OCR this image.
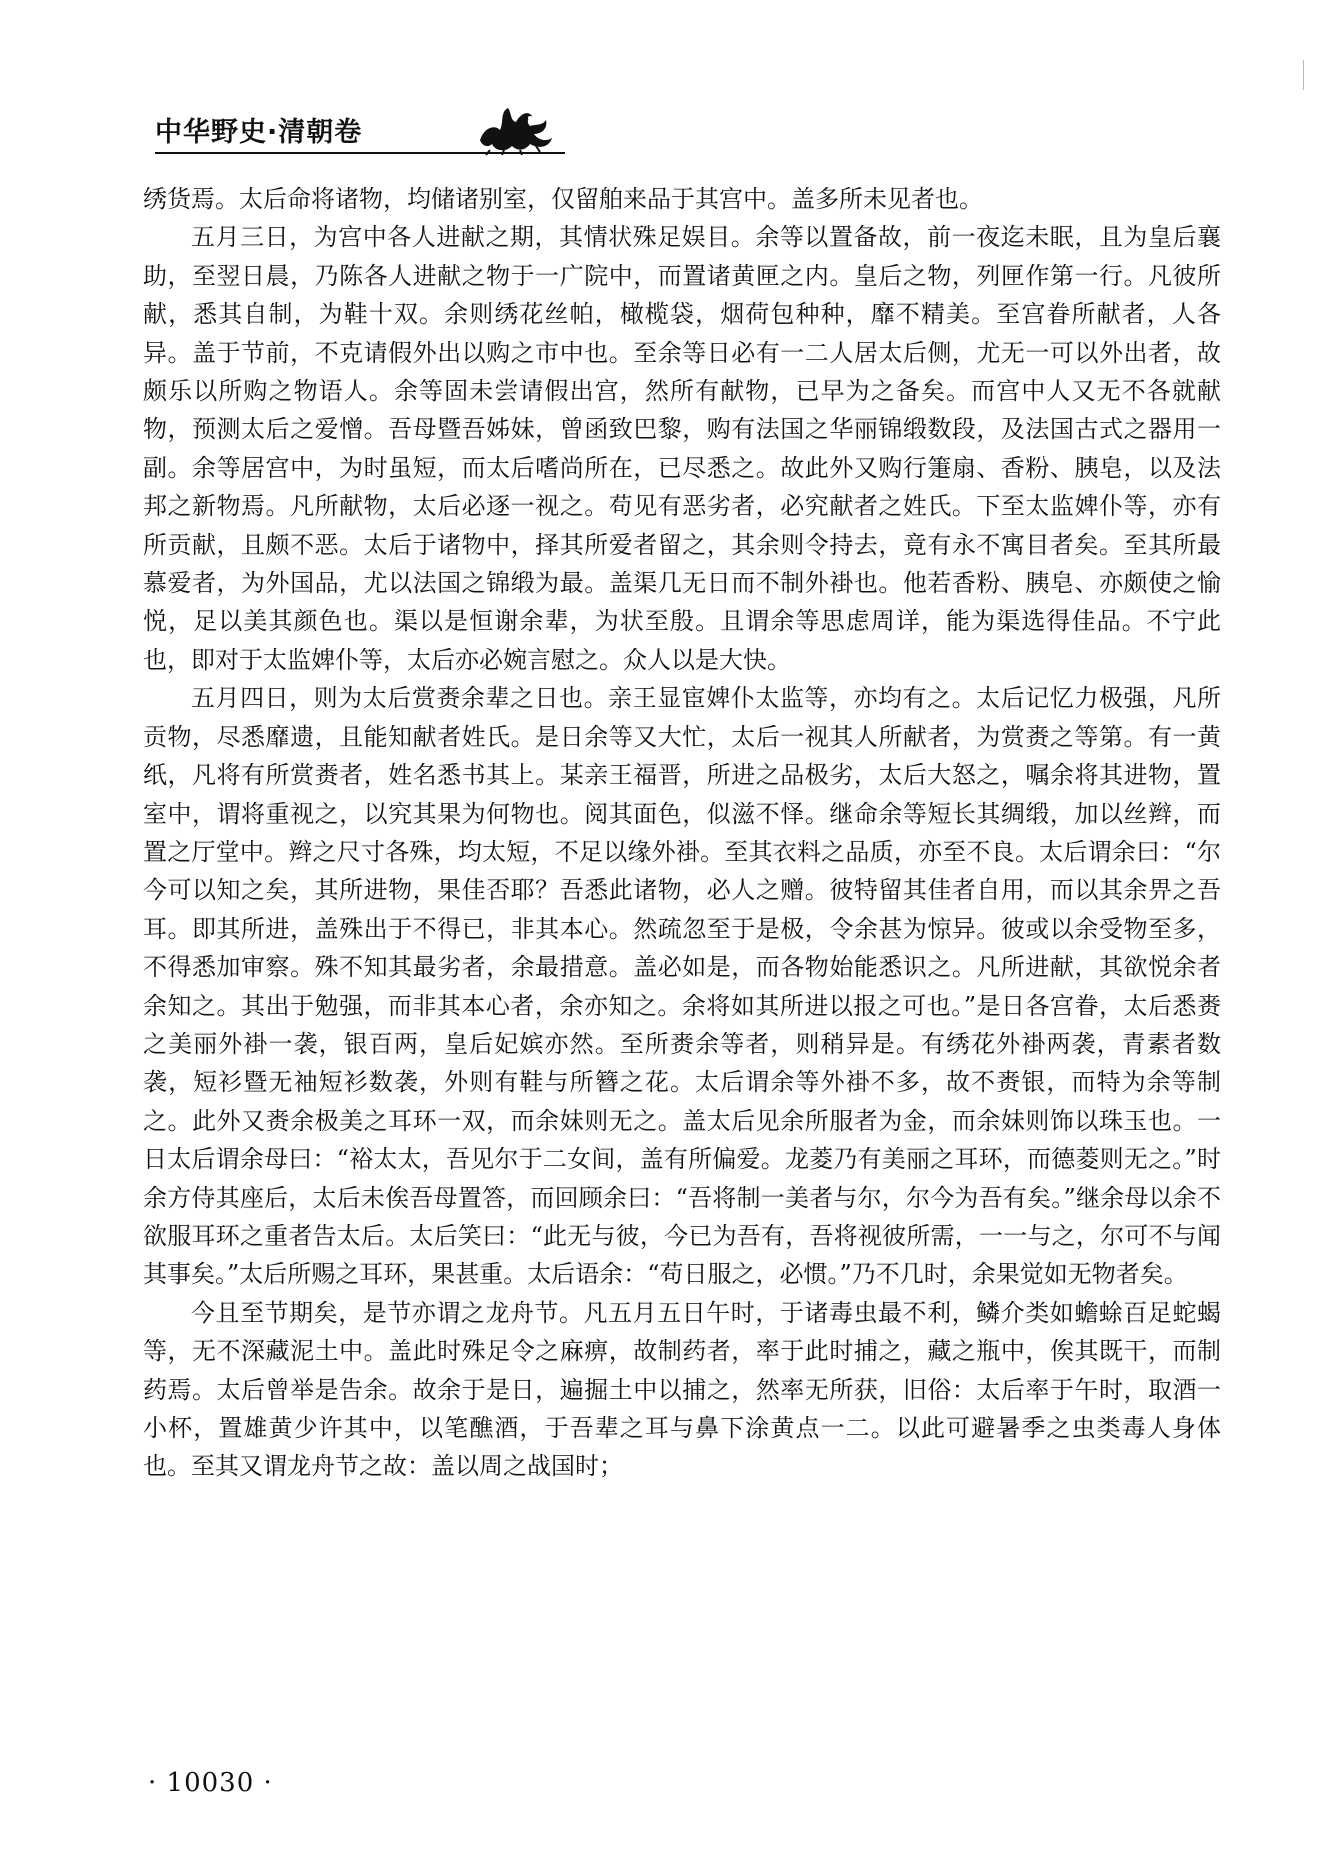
中华野史·清朝卷

绣货焉。太后命将诸物，均储诸别室，仅留舶来品于其宫中。盖多所未见者也。

五月三日，为宫中各人进献之期，其情状殊足娱目。余等以置备故，前一夜迄未眠，且为皇后襄助，至翌日晨，乃陈各人进献之物于一广院中，而置诸黄匣之内。皇后之物，列匣作第一行。凡彼所献，悉其自制，为鞋十双。余则绣花丝帕，橄榄袋，烟荷包种种，靡不精美。至宫眷所献者，人各异。盖于节前，不克请假外出以购之市中也。至余等日必有一二人居太后侧，尤无一可以外出者，故颇乐以所购之物语人。余等固未尝请假出宫，然所有献物，已早为之备矣。而宫中人又无不各就献物，预测太后之爱憎。吾母暨吾姊妹，曾函致巴黎，购有法国之华丽锦缎数段，及法国古式之器用一副。余等居宫中，为时虽短，而太后嗜尚所在，已尽悉之。故此外又购行箑扇、香粉、胰皂，以及法邦之新物焉。凡所献物，太后必逐一视之。苟见有恶劣者，必究献者之姓氏。下至太监婢仆等，亦有所贡献，且颇不恶。太后于诸物中，择其所爱者留之，其余则令持去，竟有永不寓目者矣。至其所最慕爱者，为外国品，尤以法国之锦缎为最。盖渠几无日而不制外褂也。他若香粉、胰皂、亦颇使之愉悦，足以美其颜色也。渠以是恒谢余辈，为状至殷。且谓余等思虑周详，能为渠选得佳品。不宁此也，即对于太监婢仆等，太后亦必婉言慰之。众人以是大快。

五月四日，则为太后赏赉余辈之日也。亲王显宦婢仆太监等，亦均有之。太后记忆力极强，凡所贡物，尽悉靡遗，且能知献者姓氏。是日余等又大忙，太后一视其人所献者，为赏赉之等第。有一黄纸，凡将有所赏赉者，姓名悉书其上。某亲王福晋，所进之品极劣，太后大怒之，嘱余将其进物，置室中，谓将重视之，以究其果为何物也。阅其面色，似滋不怿。继命余等短长其绸缎，加以丝辫，而置之厅堂中。辫之尺寸各殊，均太短，不足以缘外褂。至其衣料之品质，亦至不良。太后谓余曰：“尔今可以知之矣，其所进物，果佳否耶？吾悉此诸物，必人之赠。彼特留其佳者自用，而以其余畀之吾耳。即其所进，盖殊出于不得已，非其本心。然疏忽至于是极，令余甚为惊异。彼或以余受物至多，不得悉加审察。殊不知其最劣者，余最措意。盖必如是，而各物始能悉识之。凡所进献，其欲悦余者余知之。其出于勉强，而非其本心者，余亦知之。余将如其所进以报之可也。”是日各宫眷，太后悉赉之美丽外褂一袭，银百两，皇后妃嫔亦然。至所赉余等者，则稍异是。有绣花外褂两袭，青素者数袭，短衫暨无袖短衫数袭，外则有鞋与所簪之花。太后谓余等外褂不多，故不赉银，而特为余等制之。此外又赉余极美之耳环一双，而余妹则无之。盖太后见余所服者为金，而余妹则饰以珠玉也。一日太后谓余母曰：“裕太太，吾见尔于二女间，盖有所偏爱。龙菱乃有美丽之耳环，而德菱则无之。”时余方侍其座后，太后未俟吾母置答，而回顾余曰：“吾将制一美者与尔，尔今为吾有矣。”继余母以余不欲服耳环之重者告太后。太后笑曰：“此无与彼，今已为吾有，吾将视彼所需，一一与之，尔可不与闻其事矣。”太后所赐之耳环，果甚重。太后语余：“苟日服之，必惯。”乃不几时，余果觉如无物者矣。

今且至节期矣，是节亦谓之龙舟节。凡五月五日午时，于诸毒虫最不利，鳞介类如蟾蜍百足蛇蝎等，无不深藏泥土中。盖此时殊足令之麻痹，故制药者，率于此时捕之，藏之瓶中，俟其既干，而制药焉。太后曾举是告余。故余于是日，遍掘土中以捕之，然率无所获，旧俗：太后率于午时，取酒一小杯，置雄黄少许其中，以笔醮酒，于吾辈之耳与鼻下涂黄点一二。以此可避暑季之虫类毒人身体也。至其又谓龙舟节之故：盖以周之战国时；

· 10030 ·
